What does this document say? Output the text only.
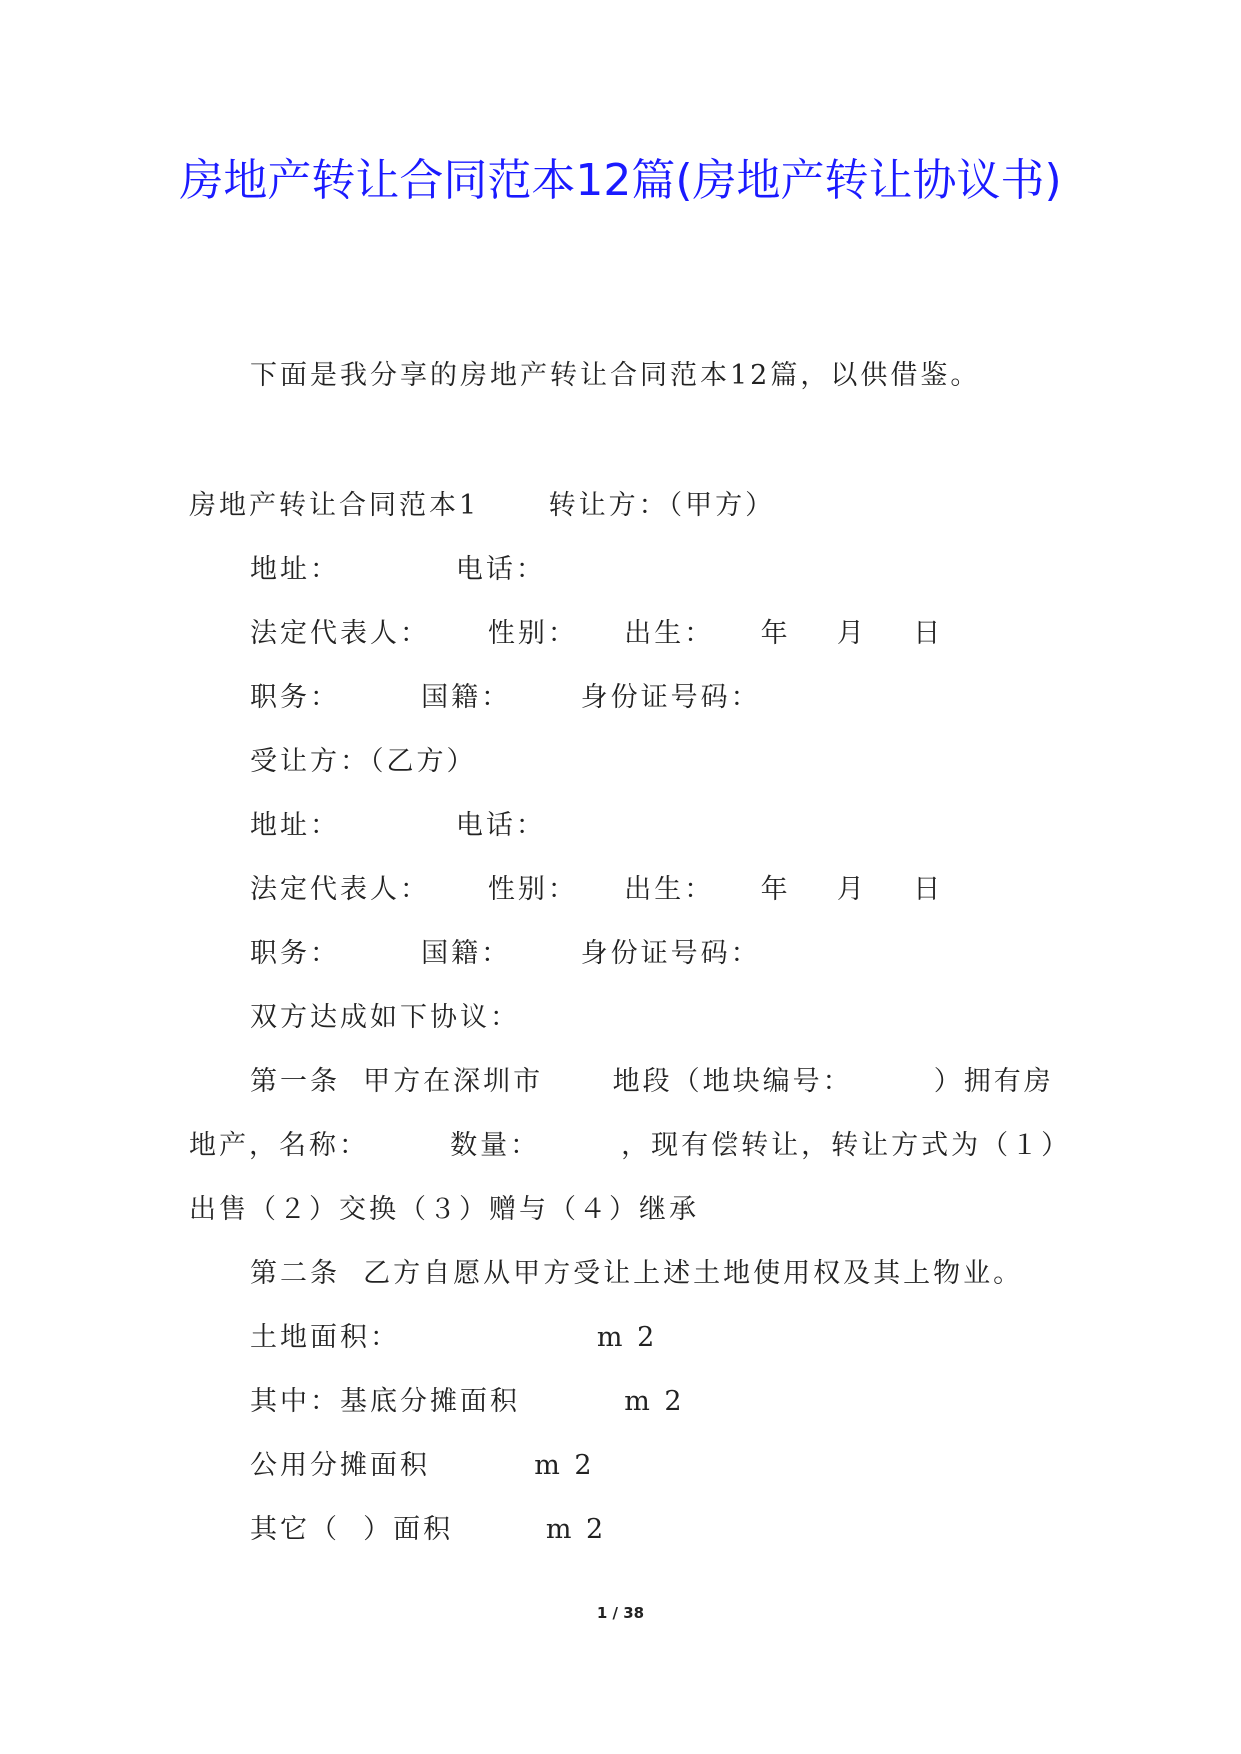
房地产转让合同范本12篇(房地产转让协议书)
下面是我分享的房地产转让合同范本12篇，以供借鉴。
房地产转让合同范本1      转让方：（甲方）
地址：          电话：
法定代表人：     性别：    出生：    年    月    日
职务：       国籍：      身份证号码：
受让方：（乙方）
地址：          电话：
法定代表人：     性别：    出生：    年    月    日
职务：       国籍：      身份证号码：
双方达成如下协议：
第一条  甲方在深圳市      地段（地块编号：       ）拥有房
地产，名称：       数量：       ，现有偿转让，转让方式为（１）
出售（２）交换（３）赠与（４）继承
第二条  乙方自愿从甲方受让上述土地使用权及其上物业。
土地面积：                 m 2
其中：基底分摊面积         m 2
公用分摊面积         m 2
其它（  ）面积        m 2
1 / 38
